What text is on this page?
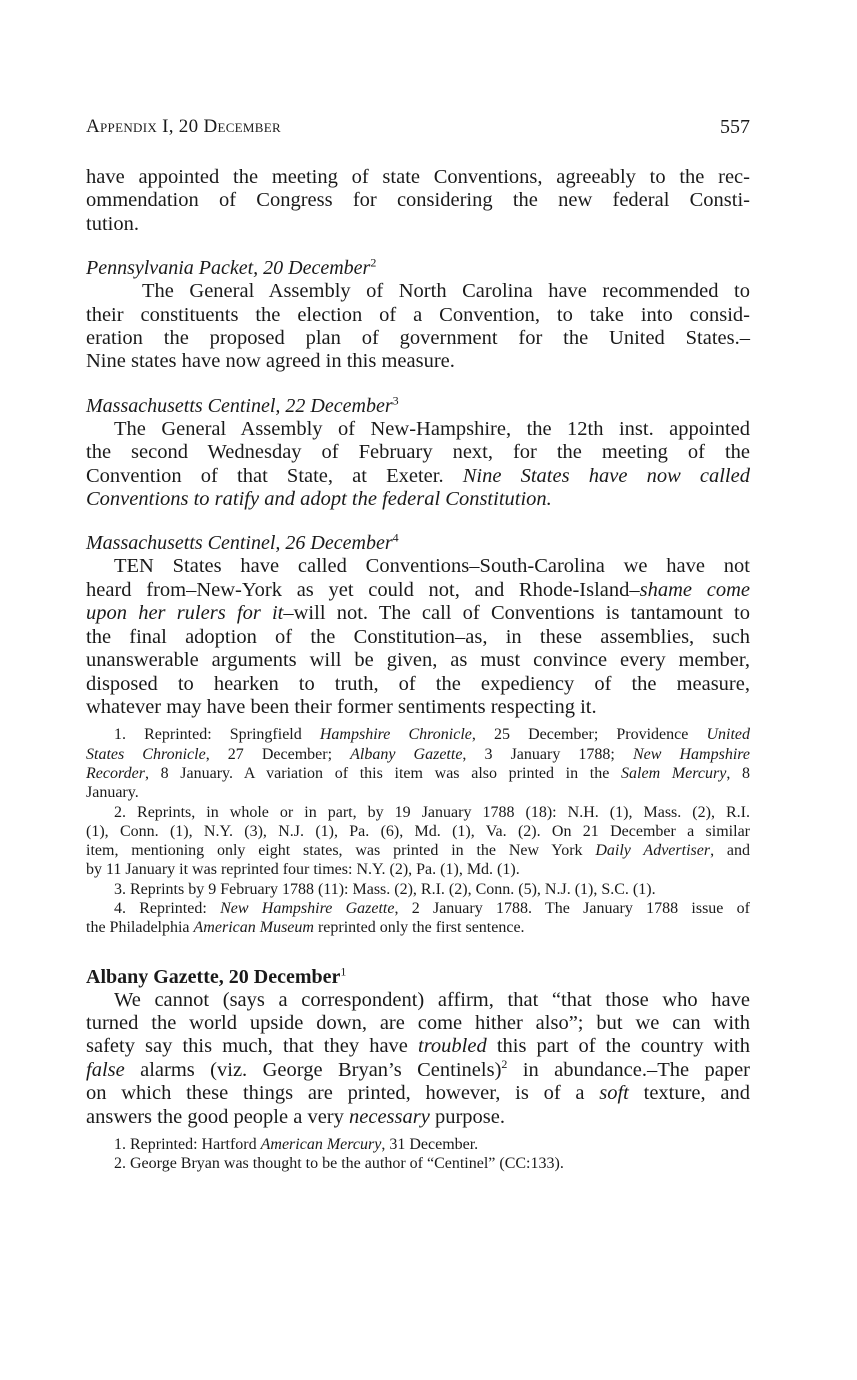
Appendix I, 20 December	557

have appointed the meeting of state Conventions, agreeably to the rec-
ommendation of Congress for considering the new federal Consti-
tution.

Pennsylvania Packet, 20 December$^2$

The General Assembly of North Carolina have recommended to
their constituents the election of a Convention, to take into consid-
eration the proposed plan of government for the United States.–
Nine states have now agreed in this measure.

Massachusetts Centinel, 22 December$^3$

The General Assembly of New-Hampshire, the 12th inst. appointed
the second Wednesday of February next, for the meeting of the
Convention of that State, at Exeter. Nine States have now called
Conventions to ratify and adopt the federal Constitution.

Massachusetts Centinel, 26 December$^4$

TEN States have called Conventions–South-Carolina we have not
heard from–New-York as yet could not, and Rhode-Island–shame come
upon her rulers for it–will not. The call of Conventions is tantamount to
the final adoption of the Constitution–as, in these assemblies, such
unanswerable arguments will be given, as must convince every member,
disposed to hearken to truth, of the expediency of the measure,
whatever may have been their former sentiments respecting it.

1. Reprinted: Springfield Hampshire Chronicle, 25 December; Providence United
States Chronicle, 27 December; Albany Gazette, 3 January 1788; New Hampshire
Recorder, 8 January. A variation of this item was also printed in the Salem Mercury, 8
January.

2. Reprints, in whole or in part, by 19 January 1788 (18): N.H. (1), Mass. (2), R.I.
(1), Conn. (1), N.Y. (3), N.J. (1), Pa. (6), Md. (1), Va. (2). On 21 December a similar
item, mentioning only eight states, was printed in the New York Daily Advertiser, and
by 11 January it was reprinted four times: N.Y. (2), Pa. (1), Md. (1).

3. Reprints by 9 February 1788 (11): Mass. (2), R.I. (2), Conn. (5), N.J. (1), S.C. (1).

4. Reprinted: New Hampshire Gazette, 2 January 1788. The January 1788 issue of
the Philadelphia American Museum reprinted only the first sentence.

Albany Gazette, 20 December$^1$

We cannot (says a correspondent) affirm, that “that those who have
turned the world upside down, are come hither also”; but we can with
safety say this much, that they have troubled this part of the country with
false alarms (viz. George Bryan’s Centinels)$^2$ in abundance.–The paper
on which these things are printed, however, is of a soft texture, and
answers the good people a very necessary purpose.

1. Reprinted: Hartford American Mercury, 31 December.

2. George Bryan was thought to be the author of “Centinel” (CC:133).
